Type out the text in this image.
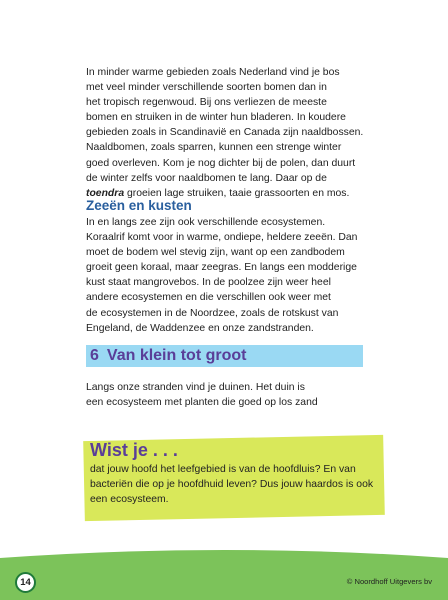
In minder warme gebieden zoals Nederland vind je bos
met veel minder verschillende soorten bomen dan in
het tropisch regenwoud. Bij ons verliezen de meeste
bomen en struiken in de winter hun bladeren. In koudere
gebieden zoals in Scandinavië en Canada zijn naaldbossen.
Naaldbomen, zoals sparren, kunnen een strenge winter
goed overleven. Kom je nog dichter bij de polen, dan duurt
de winter zelfs voor naaldbomen te lang. Daar op de
toendra groeien lage struiken, taaie grassoorten en mos.

Zeeën en kusten

In en langs zee zijn ook verschillende ecosystemen.
Koraalrif komt voor in warme, ondiepe, heldere zeeën. Dan
moet de bodem wel stevig zijn, want op een zandbodem
groeit geen koraal, maar zeegras. En langs een modderige
kust staat mangrovebos. In de poolzee zijn weer heel
andere ecosystemen en die verschillen ook weer met
de ecosystemen in de Noordzee, zoals de rotskust van
Engeland, de Waddenzee en onze zandstranden.

6 Van klein tot groot

Langs onze stranden vind je duinen. Het duin is
een ecosysteem met planten die goed op los zand

Wist je . . .

dat jouw hoofd het leefgebied is van de hoofdluis? En van
bacteriën die op je hoofdhuid leven? Dus jouw haardos is ook
een ecosysteem.

14	© Noordhoff Uitgevers bv
